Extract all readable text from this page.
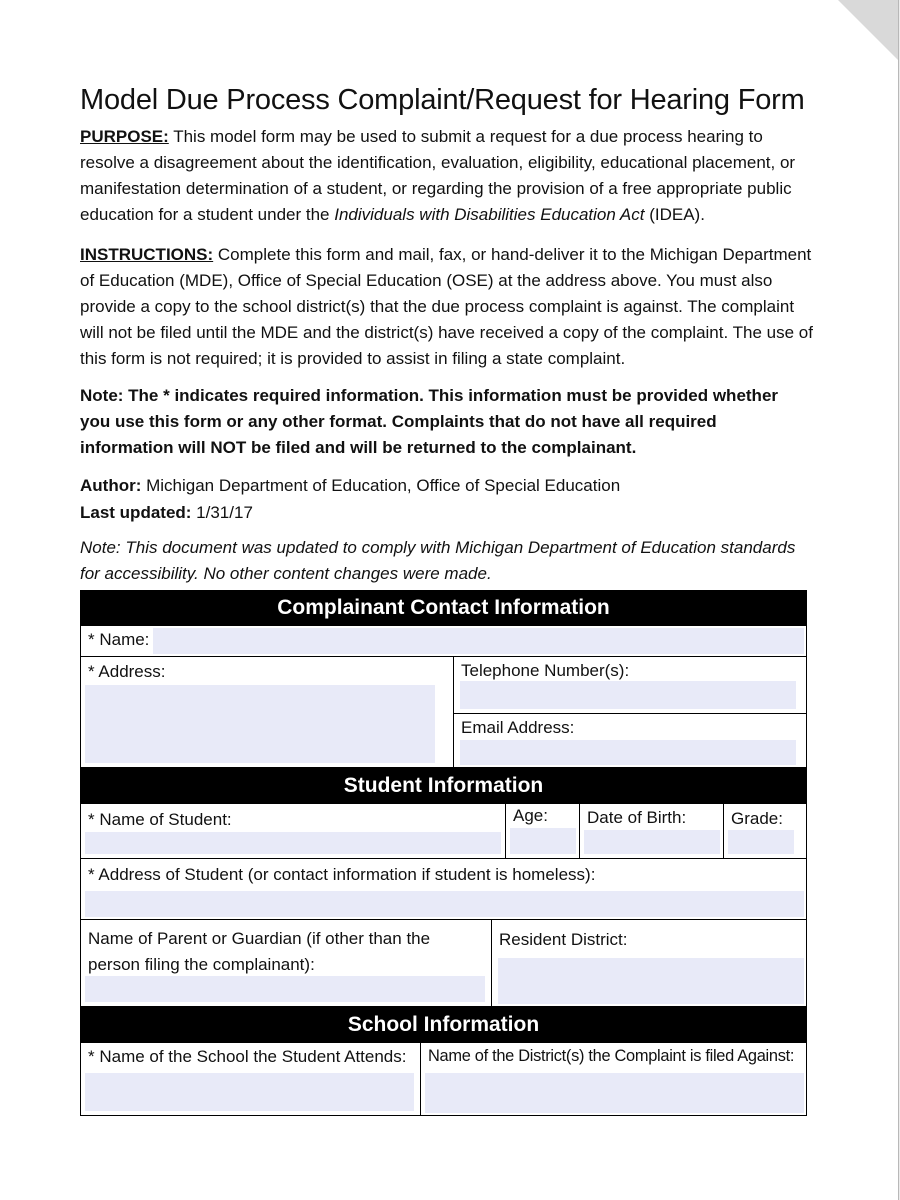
Model Due Process Complaint/Request for Hearing Form
PURPOSE: This model form may be used to submit a request for a due process hearing to resolve a disagreement about the identification, evaluation, eligibility, educational placement, or manifestation determination of a student, or regarding the provision of a free appropriate public education for a student under the Individuals with Disabilities Education Act (IDEA).
INSTRUCTIONS: Complete this form and mail, fax, or hand-deliver it to the Michigan Department of Education (MDE), Office of Special Education (OSE) at the address above. You must also provide a copy to the school district(s) that the due process complaint is against. The complaint will not be filed until the MDE and the district(s) have received a copy of the complaint. The use of this form is not required; it is provided to assist in filing a state complaint.
Note: The * indicates required information. This information must be provided whether you use this form or any other format. Complaints that do not have all required information will NOT be filed and will be returned to the complainant.
Author: Michigan Department of Education, Office of Special Education
Last updated: 1/31/17
Note: This document was updated to comply with Michigan Department of Education standards for accessibility. No other content changes were made.
Complainant Contact Information
* Name:
* Address:	Telephone Number(s):
Email Address:
Student Information
* Name of Student:	Age: Date of Birth:	Grade:
* Address of Student (or contact information if student is homeless):
Name of Parent or Guardian (if other than the
person filing the complainant):
Resident District:
School Information
* Name of the School the Student Attends: Name of the District(s) the Complaint is filed Against:
